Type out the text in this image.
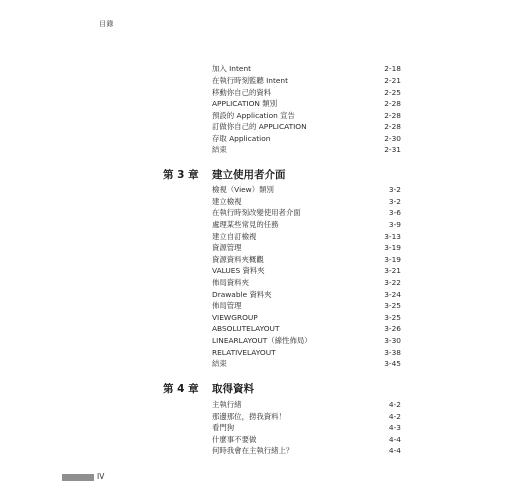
目錄
加入 Intent	2-18
在執行時刻監聽 Intent	2-21
移動你自己的資料	2-25
APPLICATION 類別	2-28
預設的 Application 宣告	2-28
訂做你自己的 APPLICATION	2-28
存取 Application	2-30
結束	2-31
第 3 章 建立使用者介面
檢視（View）類別	3-2
建立檢視	3-2
在執行時刻改變使用者介面	3-6
處理某些常見的任務	3-9
建立自訂檢視	3-13
資源管理	3-19
資源資料夾概觀	3-19
VALUES 資料夾	3-21
佈局資料夾	3-22
Drawable 資料夾	3-24
佈局管理	3-25
VIEWGROUP	3-25
ABSOLUTELAYOUT	3-26
LINEARLAYOUT（線性佈局）	3-30
RELATIVELAYOUT	3-38
結束	3-45
第 4 章 取得資料
主執行緒	4-2
那邊那位，撈我資料！	4-2
看門狗	4-3
什麼事不要做	4-4
何時我會在主執行緒上？	4-4
IV
